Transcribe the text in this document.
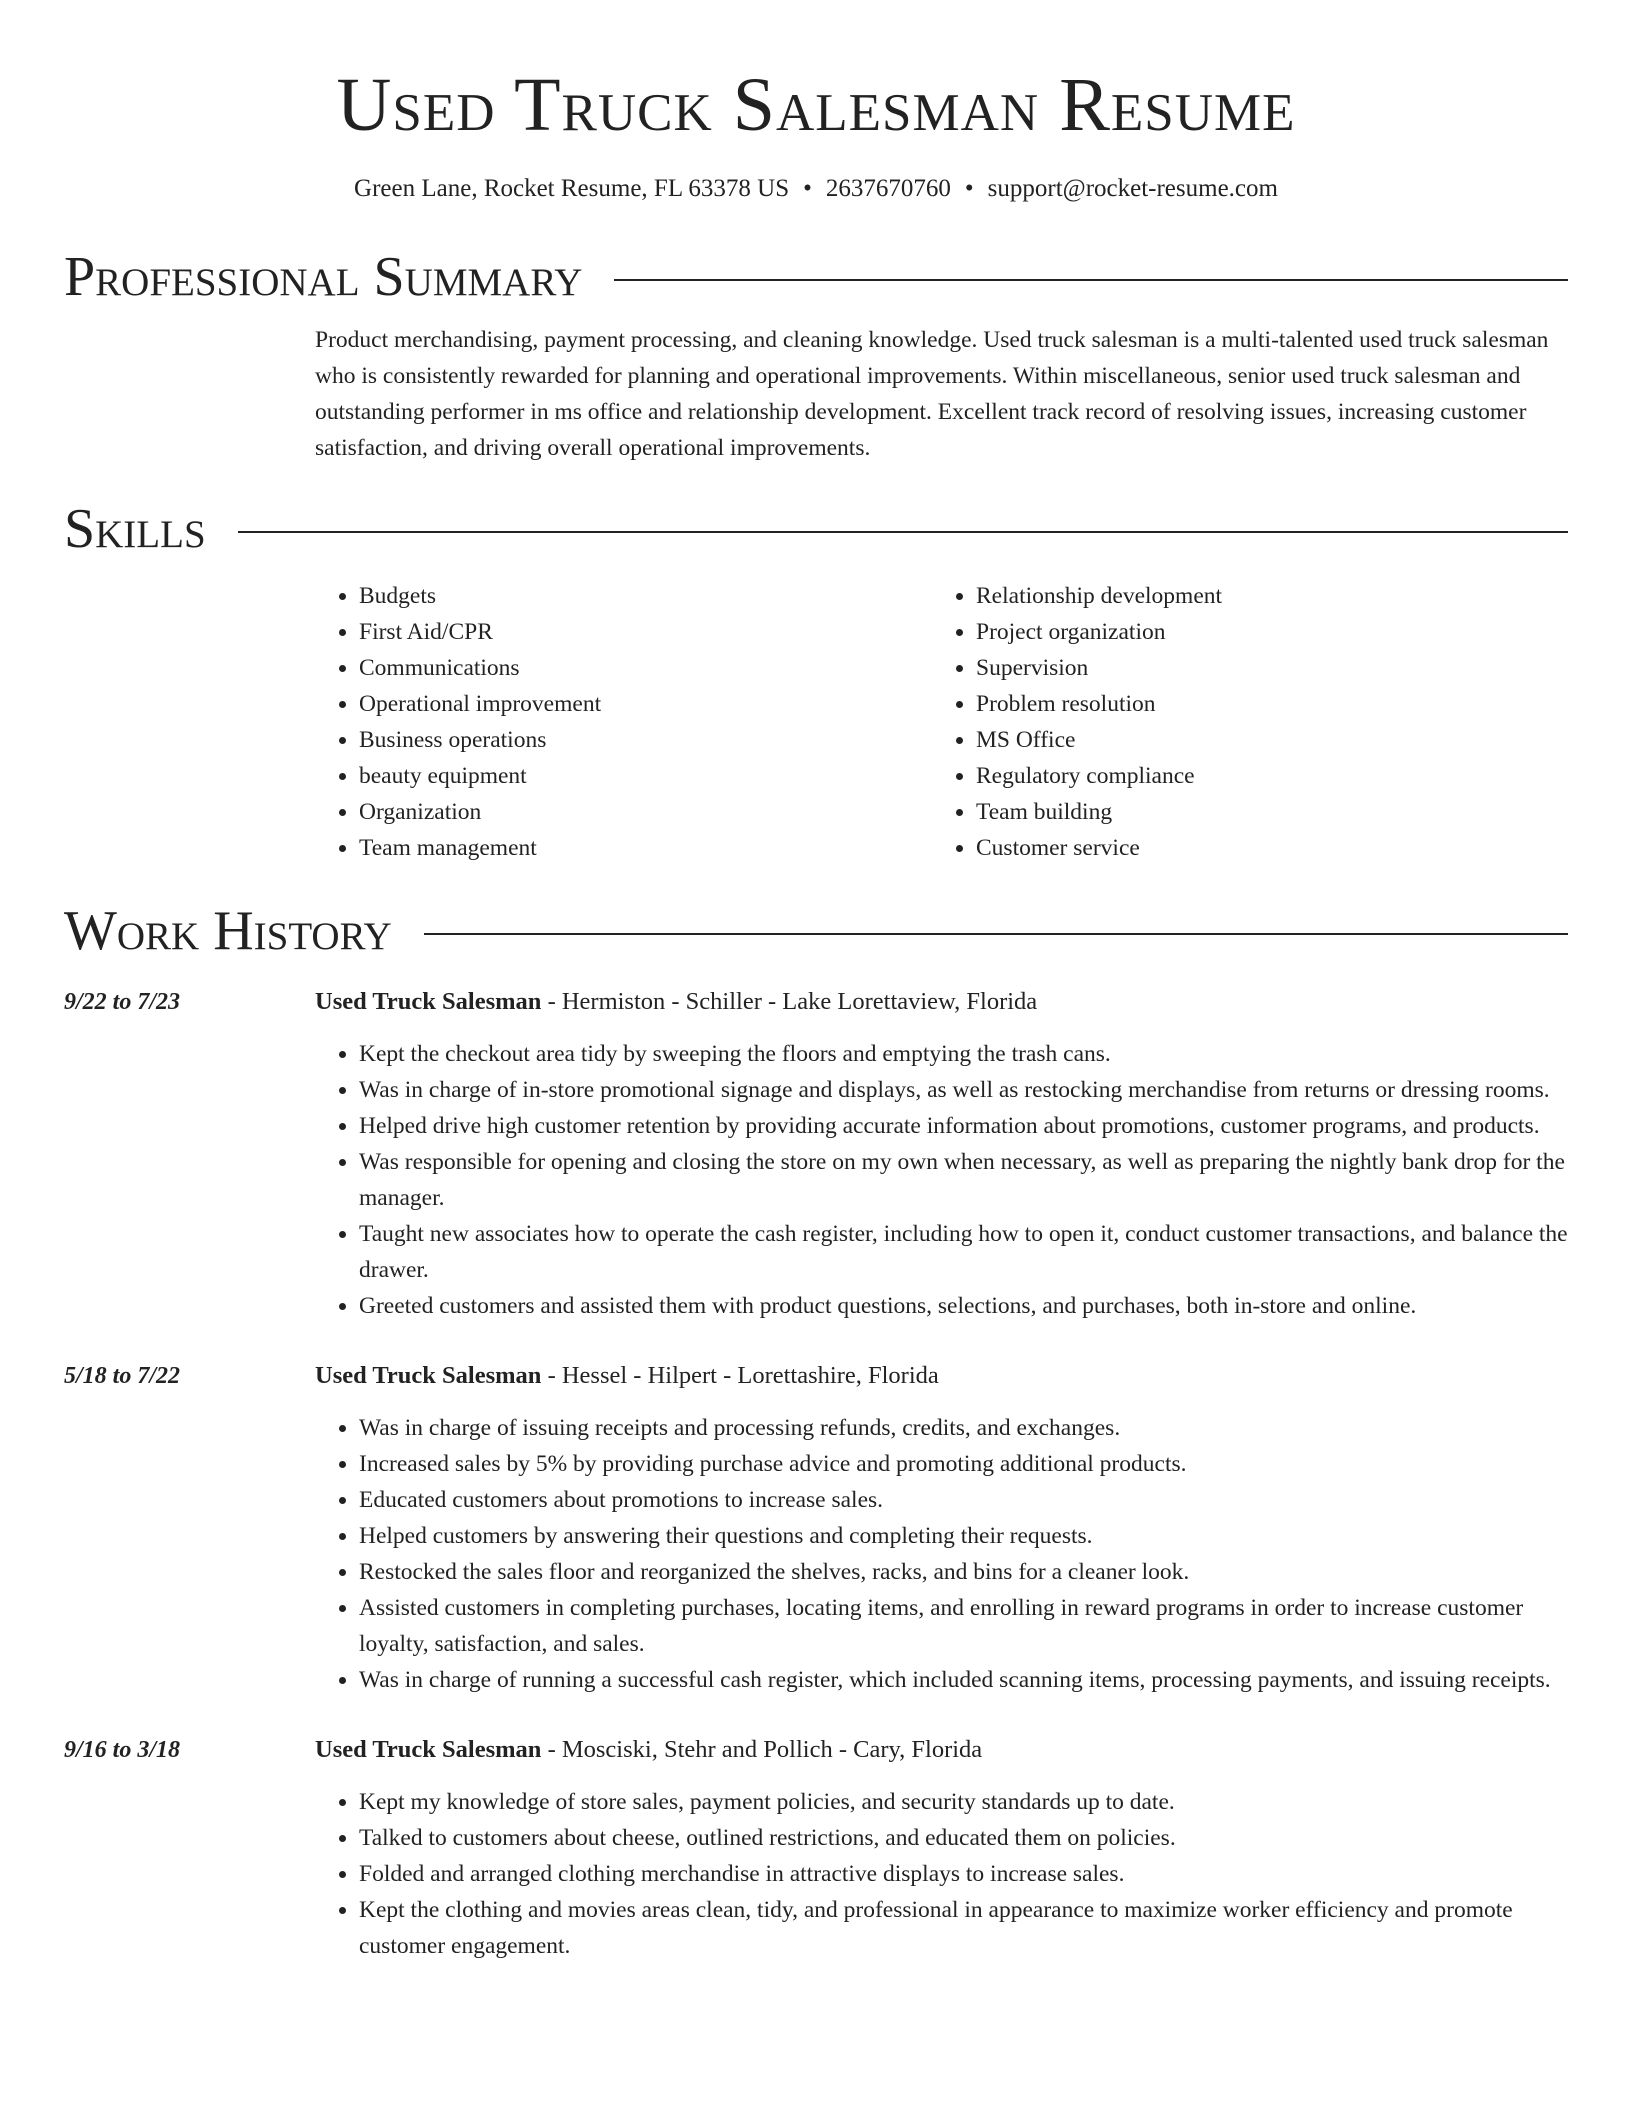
Used Truck Salesman Resume
Green Lane, Rocket Resume, FL 63378 US • 2637670760 • support@rocket-resume.com
Professional Summary
Product merchandising, payment processing, and cleaning knowledge. Used truck salesman is a multi-talented used truck salesman who is consistently rewarded for planning and operational improvements. Within miscellaneous, senior used truck salesman and outstanding performer in ms office and relationship development. Excellent track record of resolving issues, increasing customer satisfaction, and driving overall operational improvements.
Skills
• Budgets
• First Aid/CPR
• Communications
• Operational improvement
• Business operations
• beauty equipment
• Organization
• Team management
• Relationship development
• Project organization
• Supervision
• Problem resolution
• MS Office
• Regulatory compliance
• Team building
• Customer service
Work History
9/22 to 7/23	Used Truck Salesman - Hermiston - Schiller - Lake Lorettaview, Florida
• Kept the checkout area tidy by sweeping the floors and emptying the trash cans.
• Was in charge of in-store promotional signage and displays, as well as restocking merchandise from returns or dressing rooms.
• Helped drive high customer retention by providing accurate information about promotions, customer programs, and products.
• Was responsible for opening and closing the store on my own when necessary, as well as preparing the nightly bank drop for the manager.
• Taught new associates how to operate the cash register, including how to open it, conduct customer transactions, and balance the drawer.
• Greeted customers and assisted them with product questions, selections, and purchases, both in-store and online.
5/18 to 7/22	Used Truck Salesman - Hessel - Hilpert - Lorettashire, Florida
• Was in charge of issuing receipts and processing refunds, credits, and exchanges.
• Increased sales by 5% by providing purchase advice and promoting additional products.
• Educated customers about promotions to increase sales.
• Helped customers by answering their questions and completing their requests.
• Restocked the sales floor and reorganized the shelves, racks, and bins for a cleaner look.
• Assisted customers in completing purchases, locating items, and enrolling in reward programs in order to increase customer loyalty, satisfaction, and sales.
• Was in charge of running a successful cash register, which included scanning items, processing payments, and issuing receipts.
9/16 to 3/18	Used Truck Salesman - Mosciski, Stehr and Pollich - Cary, Florida
• Kept my knowledge of store sales, payment policies, and security standards up to date.
• Talked to customers about cheese, outlined restrictions, and educated them on policies.
• Folded and arranged clothing merchandise in attractive displays to increase sales.
• Kept the clothing and movies areas clean, tidy, and professional in appearance to maximize worker efficiency and promote customer engagement.
